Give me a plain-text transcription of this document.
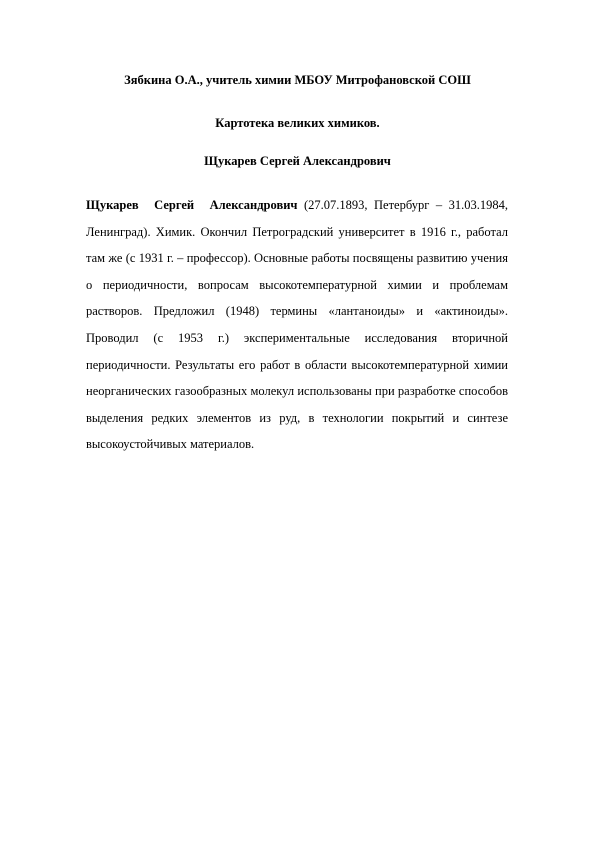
Зябкина О.А., учитель химии МБОУ Митрофановской СОШ
Картотека великих химиков.
Щукарев Сергей Александрович

Щукарев Сергей Александрович (27.07.1893, Петербург – 31.03.1984, Ленинград). Химик. Окончил Петроградский университет в 1916 г., работал там же (с 1931 г. – профессор). Основные работы посвящены развитию учения о периодичности, вопросам высокотемпературной химии и проблемам растворов. Предложил (1948) термины «лантаноиды» и «актиноиды». Проводил (с 1953 г.) экспериментальные исследования вторичной периодичности. Результаты его работ в области высокотемпературной химии неорганических газообразных молекул использованы при разработке способов выделения редких элементов из руд, в технологии покрытий и синтезе высокоустойчивых материалов.
